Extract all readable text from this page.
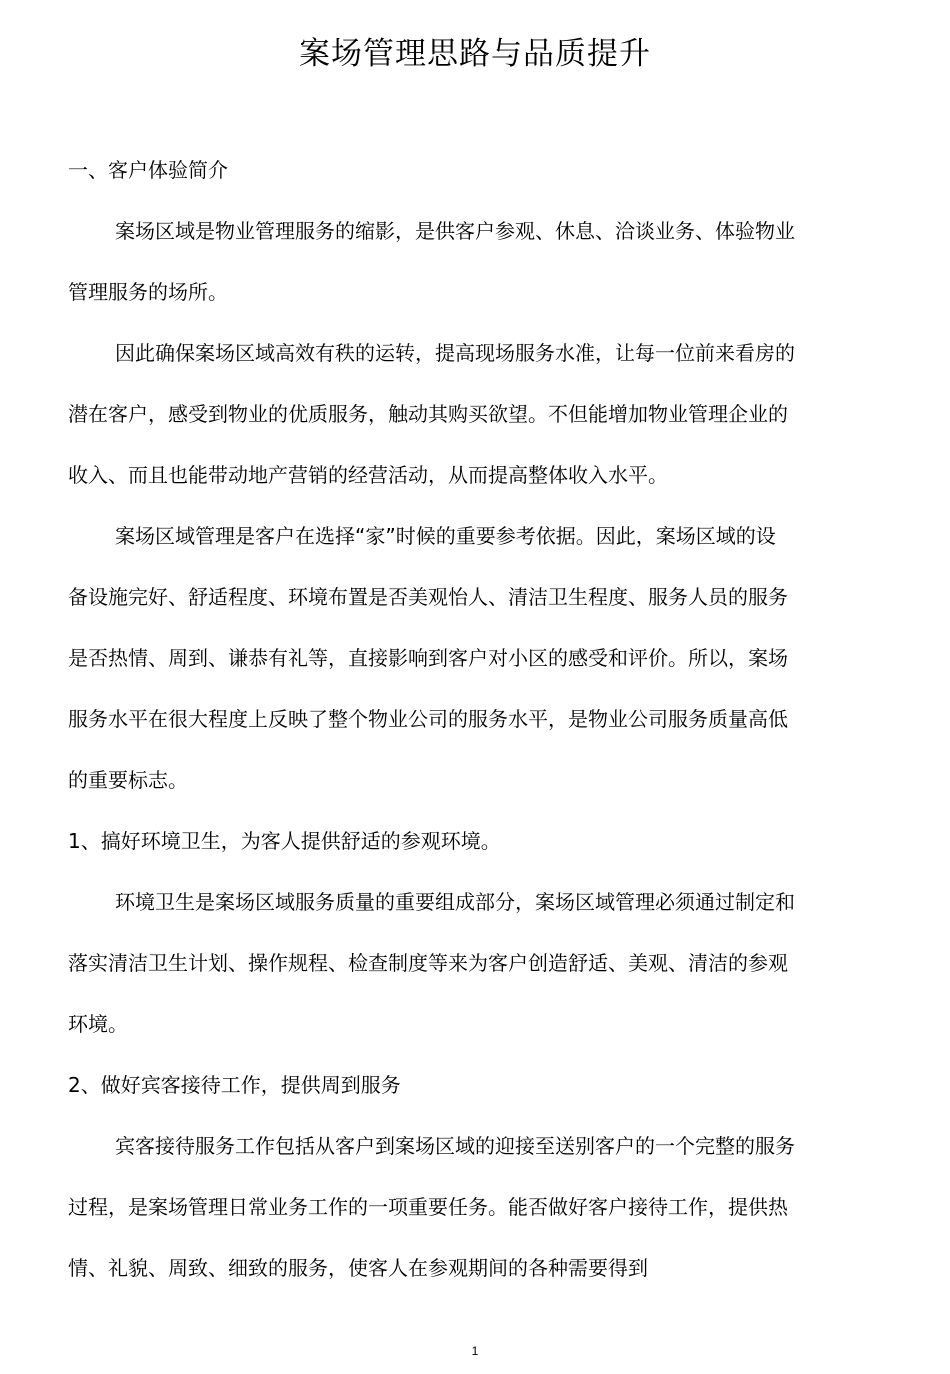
案场管理思路与品质提升
一、客户体验简介
案场区域是物业管理服务的缩影，是供客户参观、休息、洽谈业务、体验物业
管理服务的场所。
因此确保案场区域高效有秩的运转，提高现场服务水准，让每一位前来看房的
潜在客户，感受到物业的优质服务，触动其购买欲望。不但能增加物业管理企业的
收入、而且也能带动地产营销的经营活动，从而提高整体收入水平。
案场区域管理是客户在选择“家”时候的重要参考依据。因此，案场区域的设
备设施完好、舒适程度、环境布置是否美观怡人、清洁卫生程度、服务人员的服务
是否热情、周到、谦恭有礼等，直接影响到客户对小区的感受和评价。所以，案场
服务水平在很大程度上反映了整个物业公司的服务水平，是物业公司服务质量高低
的重要标志。
1、搞好环境卫生，为客人提供舒适的参观环境。
环境卫生是案场区域服务质量的重要组成部分，案场区域管理必须通过制定和
落实清洁卫生计划、操作规程、检查制度等来为客户创造舒适、美观、清洁的参观
环境。
2、做好宾客接待工作，提供周到服务
宾客接待服务工作包括从客户到案场区域的迎接至送别客户的一个完整的服务
过程，是案场管理日常业务工作的一项重要任务。能否做好客户接待工作，提供热
情、礼貌、周致、细致的服务，使客人在参观期间的各种需要得到
1
